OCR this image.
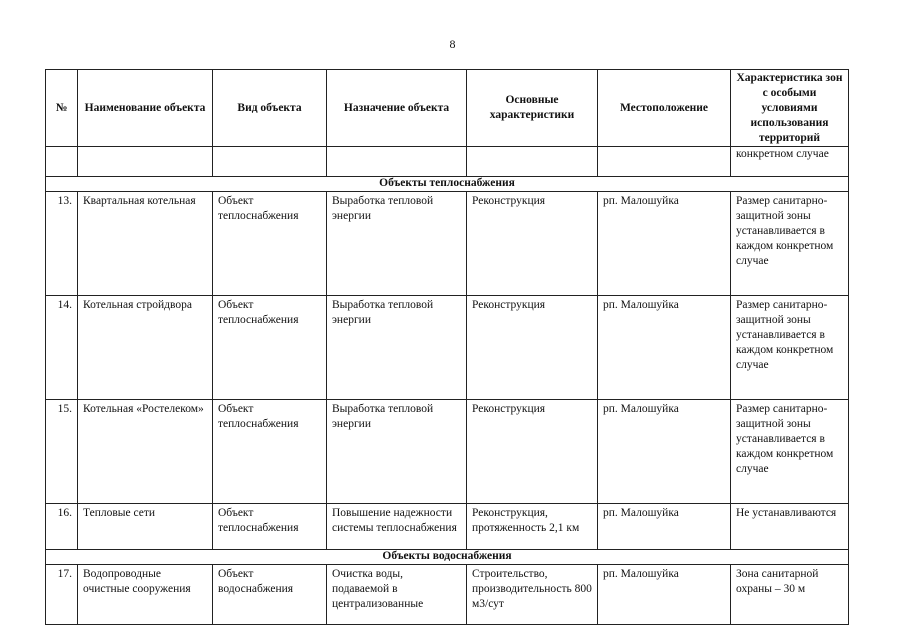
8
№	Наименование объекта	Вид объекта	Назначение объекта	Основные характеристики	Местоположение	Характеристика зон с особыми условиями использования территорий
						конкретном случае
Объекты теплоснабжения						
13.	Квартальная котельная	Объект теплоснабжения	Выработка тепловой энергии	Реконструкция	рп. Малошуйка	Размер санитарно-защитной зоны устанавливается в каждом конкретном случае
14.	Котельная стройдвора	Объект теплоснабжения	Выработка тепловой энергии	Реконструкция	рп. Малошуйка	Размер санитарно-защитной зоны устанавливается в каждом конкретном случае
15.	Котельная «Ростелеком»	Объект теплоснабжения	Выработка тепловой энергии	Реконструкция	рп. Малошуйка	Размер санитарно-защитной зоны устанавливается в каждом конкретном случае
16.	Тепловые сети	Объект теплоснабжения	Повышение надежности системы теплоснабжения	Реконструкция, протяженность 2,1 км	рп. Малошуйка	Не устанавливаются
Объекты водоснабжения						
17.	Водопроводные очистные сооружения	Объект водоснабжения	Очистка воды, подаваемой в централизованные	Строительство, производительность 800 м3/сут	рп. Малошуйка	Зона санитарной охраны – 30 м
